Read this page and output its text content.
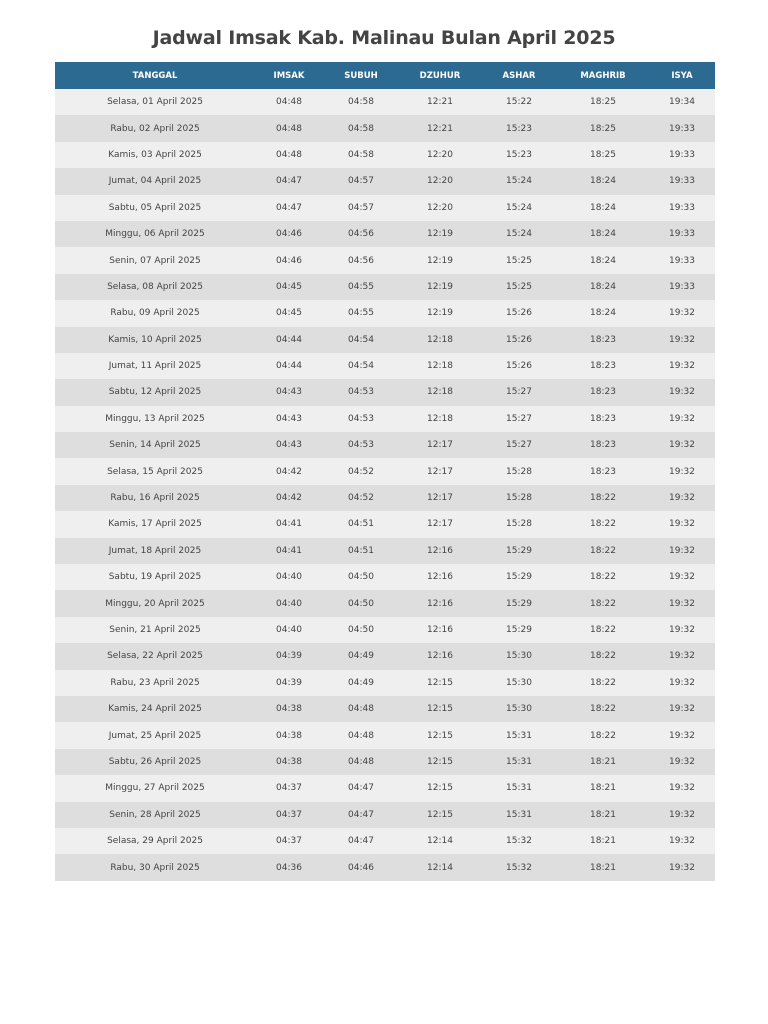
Jadwal Imsak Kab. Malinau Bulan April 2025
TANGGAL	IMSAK	SUBUH	DZUHUR	ASHAR	MAGHRIB	ISYA
Selasa, 01 April 2025	04:48	04:58	12:21	15:22	18:25	19:34
Rabu, 02 April 2025	04:48	04:58	12:21	15:23	18:25	19:33
Kamis, 03 April 2025	04:48	04:58	12:20	15:23	18:25	19:33
Jumat, 04 April 2025	04:47	04:57	12:20	15:24	18:24	19:33
Sabtu, 05 April 2025	04:47	04:57	12:20	15:24	18:24	19:33
Minggu, 06 April 2025	04:46	04:56	12:19	15:24	18:24	19:33
Senin, 07 April 2025	04:46	04:56	12:19	15:25	18:24	19:33
Selasa, 08 April 2025	04:45	04:55	12:19	15:25	18:24	19:33
Rabu, 09 April 2025	04:45	04:55	12:19	15:26	18:24	19:32
Kamis, 10 April 2025	04:44	04:54	12:18	15:26	18:23	19:32
Jumat, 11 April 2025	04:44	04:54	12:18	15:26	18:23	19:32
Sabtu, 12 April 2025	04:43	04:53	12:18	15:27	18:23	19:32
Minggu, 13 April 2025	04:43	04:53	12:18	15:27	18:23	19:32
Senin, 14 April 2025	04:43	04:53	12:17	15:27	18:23	19:32
Selasa, 15 April 2025	04:42	04:52	12:17	15:28	18:23	19:32
Rabu, 16 April 2025	04:42	04:52	12:17	15:28	18:22	19:32
Kamis, 17 April 2025	04:41	04:51	12:17	15:28	18:22	19:32
Jumat, 18 April 2025	04:41	04:51	12:16	15:29	18:22	19:32
Sabtu, 19 April 2025	04:40	04:50	12:16	15:29	18:22	19:32
Minggu, 20 April 2025	04:40	04:50	12:16	15:29	18:22	19:32
Senin, 21 April 2025	04:40	04:50	12:16	15:29	18:22	19:32
Selasa, 22 April 2025	04:39	04:49	12:16	15:30	18:22	19:32
Rabu, 23 April 2025	04:39	04:49	12:15	15:30	18:22	19:32
Kamis, 24 April 2025	04:38	04:48	12:15	15:30	18:22	19:32
Jumat, 25 April 2025	04:38	04:48	12:15	15:31	18:22	19:32
Sabtu, 26 April 2025	04:38	04:48	12:15	15:31	18:21	19:32
Minggu, 27 April 2025	04:37	04:47	12:15	15:31	18:21	19:32
Senin, 28 April 2025	04:37	04:47	12:15	15:31	18:21	19:32
Selasa, 29 April 2025	04:37	04:47	12:14	15:32	18:21	19:32
Rabu, 30 April 2025	04:36	04:46	12:14	15:32	18:21	19:32
